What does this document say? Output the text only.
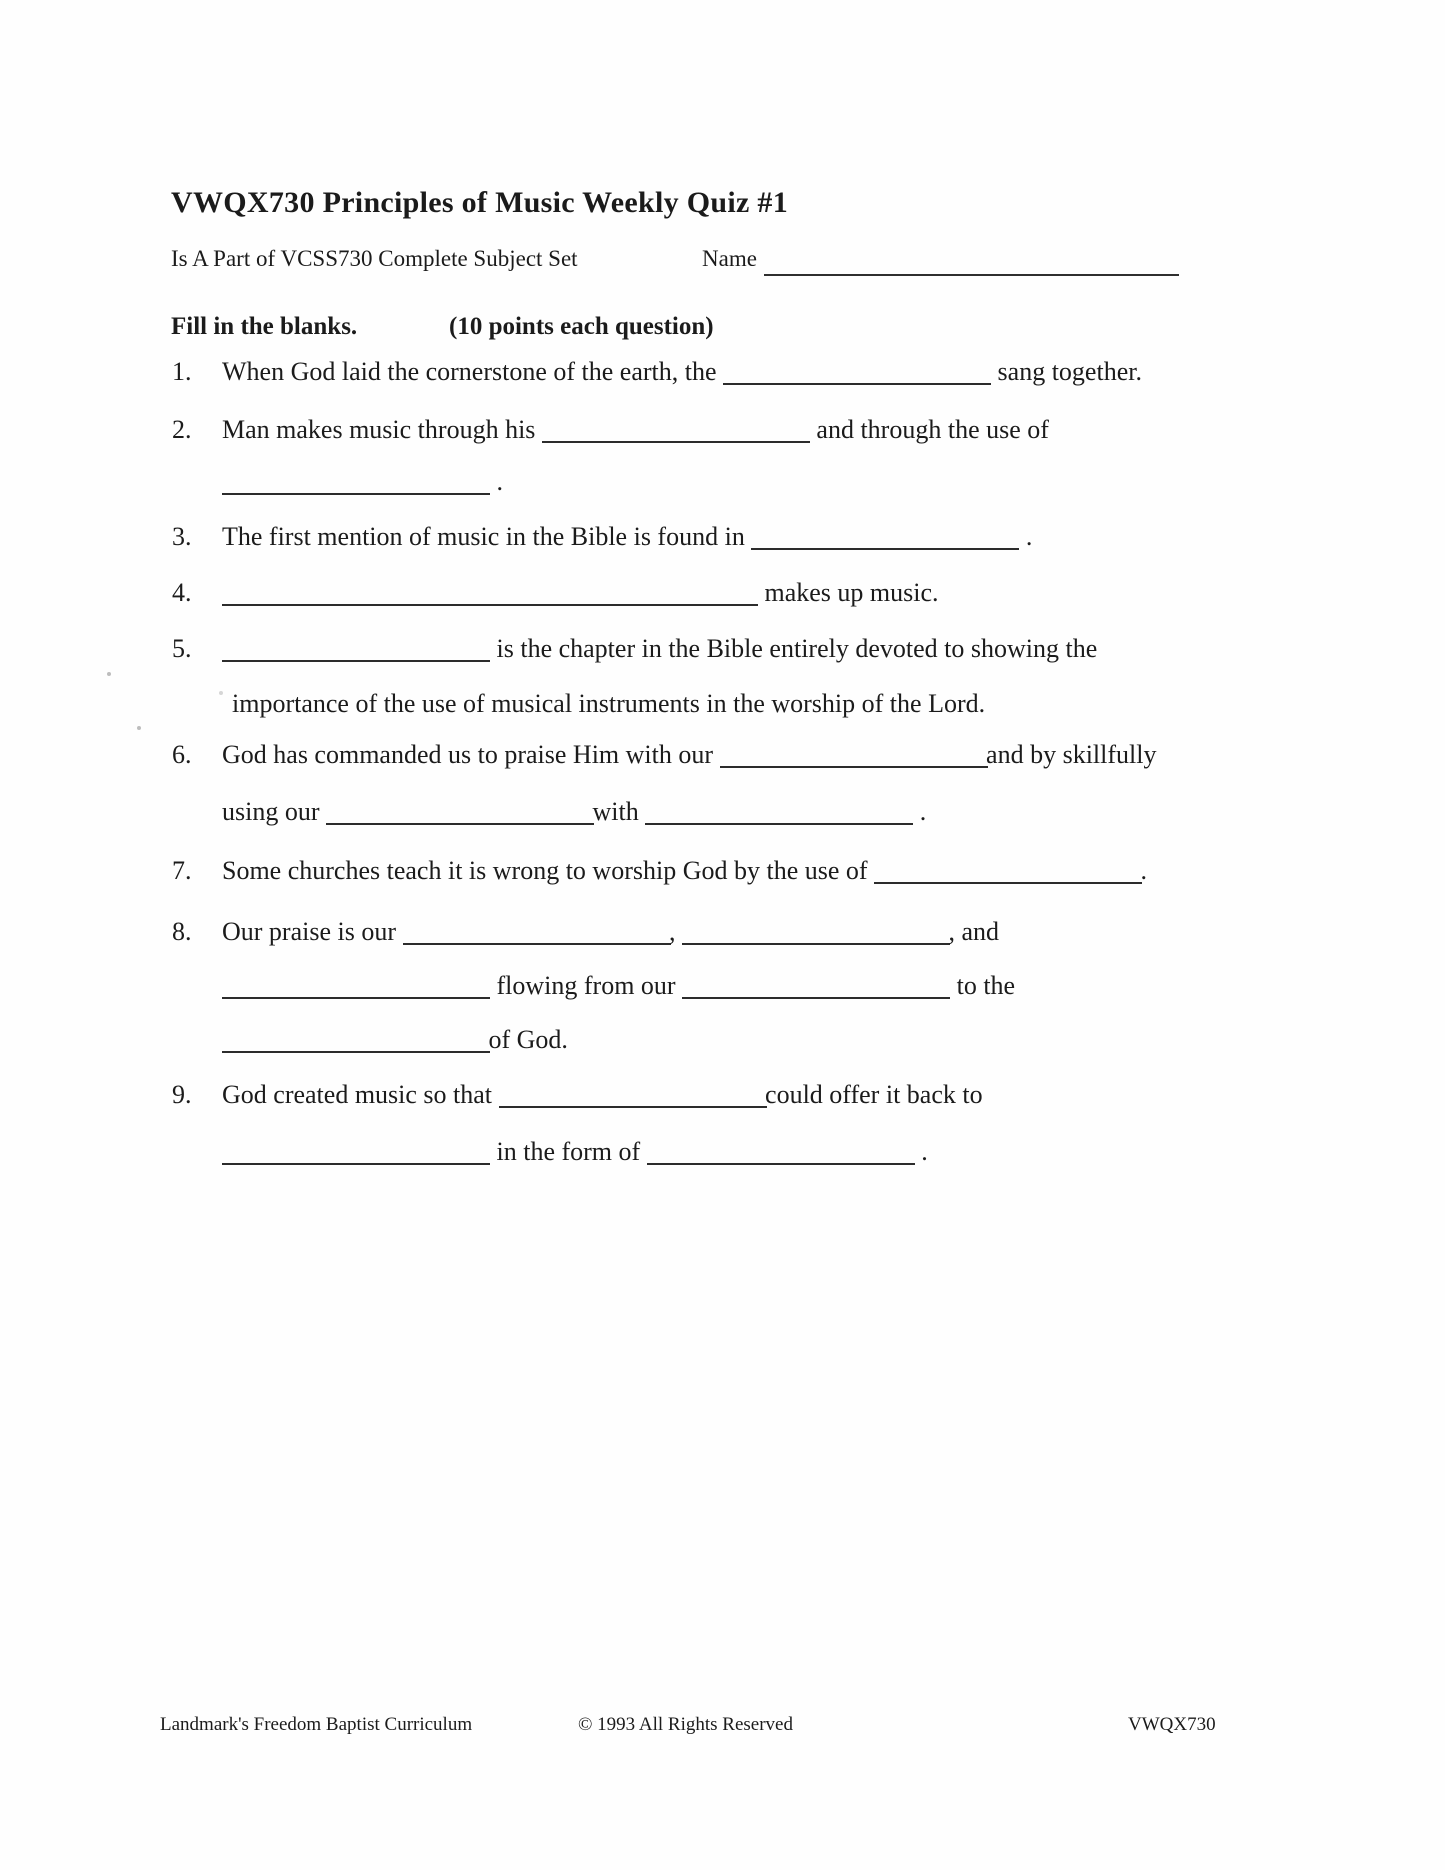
VWQX730 Principles of Music Weekly Quiz #1
Is A Part of VCSS730 Complete Subject Set	Name
Fill in the blanks.	(10 points each question)
1. When God laid the cornerstone of the earth, the	sang together.
2. Man makes music through his	and through the use of
.
3. The first mention of music in the Bible is found in	.
4.	makes up music.
5.	is the chapter in the Bible entirely devoted to showing the
importance of the use of musical instruments in the worship of the Lord.
6. God has commanded us to praise Him with our	and by skillfully
using our	with	.
7. Some churches teach it is wrong to worship God by the use of	.
8. Our praise is our	,	, and
flowing from our	to the
of God.
9. God created music so that	could offer it back to
in the form of	.
Landmark's Freedom Baptist Curriculum	© 1993 All Rights Reserved	VWQX730
